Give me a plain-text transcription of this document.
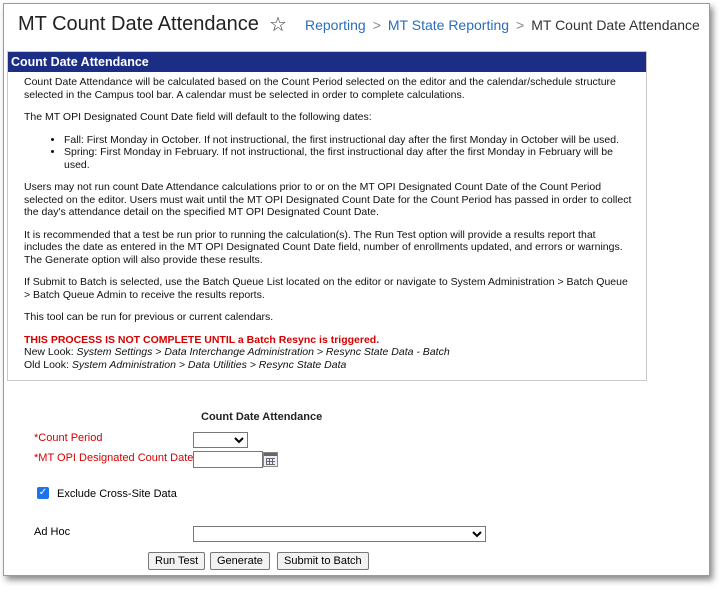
MT Count Date Attendance ☆ Reporting > MT State Reporting > MT Count Date Attendance
Count Date Attendance

Count Date Attendance will be calculated based on the Count Period selected on the editor and the calendar/schedule structure selected in the Campus tool bar. A calendar must be selected in order to complete calculations.

The MT OPI Designated Count Date field will default to the following dates:

• Fall: First Monday in October. If not instructional, the first instructional day after the first Monday in October will be used.
• Spring: First Monday in February. If not instructional, the first instructional day after the first Monday in February will be used.

Users may not run count Date Attendance calculations prior to or on the MT OPI Designated Count Date of the Count Period selected on the editor. Users must wait until the MT OPI Designated Count Date for the Count Period has passed in order to collect the day's attendance detail on the specified MT OPI Designated Count Date.

It is recommended that a test be run prior to running the calculation(s). The Run Test option will provide a results report that includes the date as entered in the MT OPI Designated Count Date field, number of enrollments updated, and errors or warnings. The Generate option will also provide these results.

If Submit to Batch is selected, use the Batch Queue List located on the editor or navigate to System Administration > Batch Queue > Batch Queue Admin to receive the results reports.

This tool can be run for previous or current calendars.

THIS PROCESS IS NOT COMPLETE UNTIL a Batch Resync is triggered.
New Look: System Settings > Data Interchange Administration > Resync State Data - Batch
Old Look: System Administration > Data Utilities > Resync State Data
Count Date Attendance
*Count Period
*MT OPI Designated Count Date
✓ Exclude Cross-Site Data
Ad Hoc
Run Test	Generate	Submit to Batch
